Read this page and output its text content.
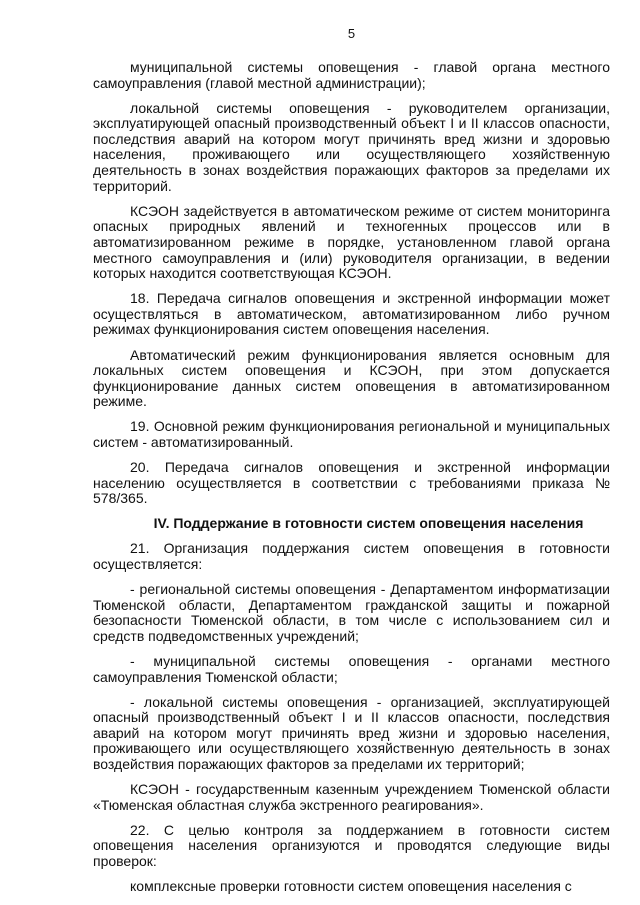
5

муниципальной системы оповещения - главой органа местного самоуправления (главой местной администрации);

локальной системы оповещения - руководителем организации, эксплуатирующей опасный производственный объект I и II классов опасности, последствия аварий на котором могут причинять вред жизни и здоровью населения, проживающего или осуществляющего хозяйственную деятельность в зонах воздействия поражающих факторов за пределами их территорий.

КСЭОН задействуется в автоматическом режиме от систем мониторинга опасных природных явлений и техногенных процессов или в автоматизированном режиме в порядке, установленном главой органа местного самоуправления и (или) руководителя организации, в ведении которых находится соответствующая КСЭОН.

18. Передача сигналов оповещения и экстренной информации может осуществляться в автоматическом, автоматизированном либо ручном режимах функционирования систем оповещения населения.

Автоматический режим функционирования является основным для локальных систем оповещения и КСЭОН, при этом допускается функционирование данных систем оповещения в автоматизированном режиме.

19. Основной режим функционирования региональной и муниципальных систем - автоматизированный.

20. Передача сигналов оповещения и экстренной информации населению осуществляется в соответствии с требованиями приказа № 578/365.

IV. Поддержание в готовности систем оповещения населения

21. Организация поддержания систем оповещения в готовности осуществляется:

- региональной системы оповещения - Департаментом информатизации Тюменской области, Департаментом гражданской защиты и пожарной безопасности Тюменской области, в том числе с использованием сил и средств подведомственных учреждений;

- муниципальной системы оповещения - органами местного самоуправления Тюменской области;

- локальной системы оповещения - организацией, эксплуатирующей опасный производственный объект I и II классов опасности, последствия аварий на котором могут причинять вред жизни и здоровью населения, проживающего или осуществляющего хозяйственную деятельность в зонах воздействия поражающих факторов за пределами их территорий;

КСЭОН - государственным казенным учреждением Тюменской области «Тюменская областная служба экстренного реагирования».

22. С целью контроля за поддержанием в готовности систем оповещения населения организуются и проводятся следующие виды проверок:

комплексные проверки готовности систем оповещения населения с
